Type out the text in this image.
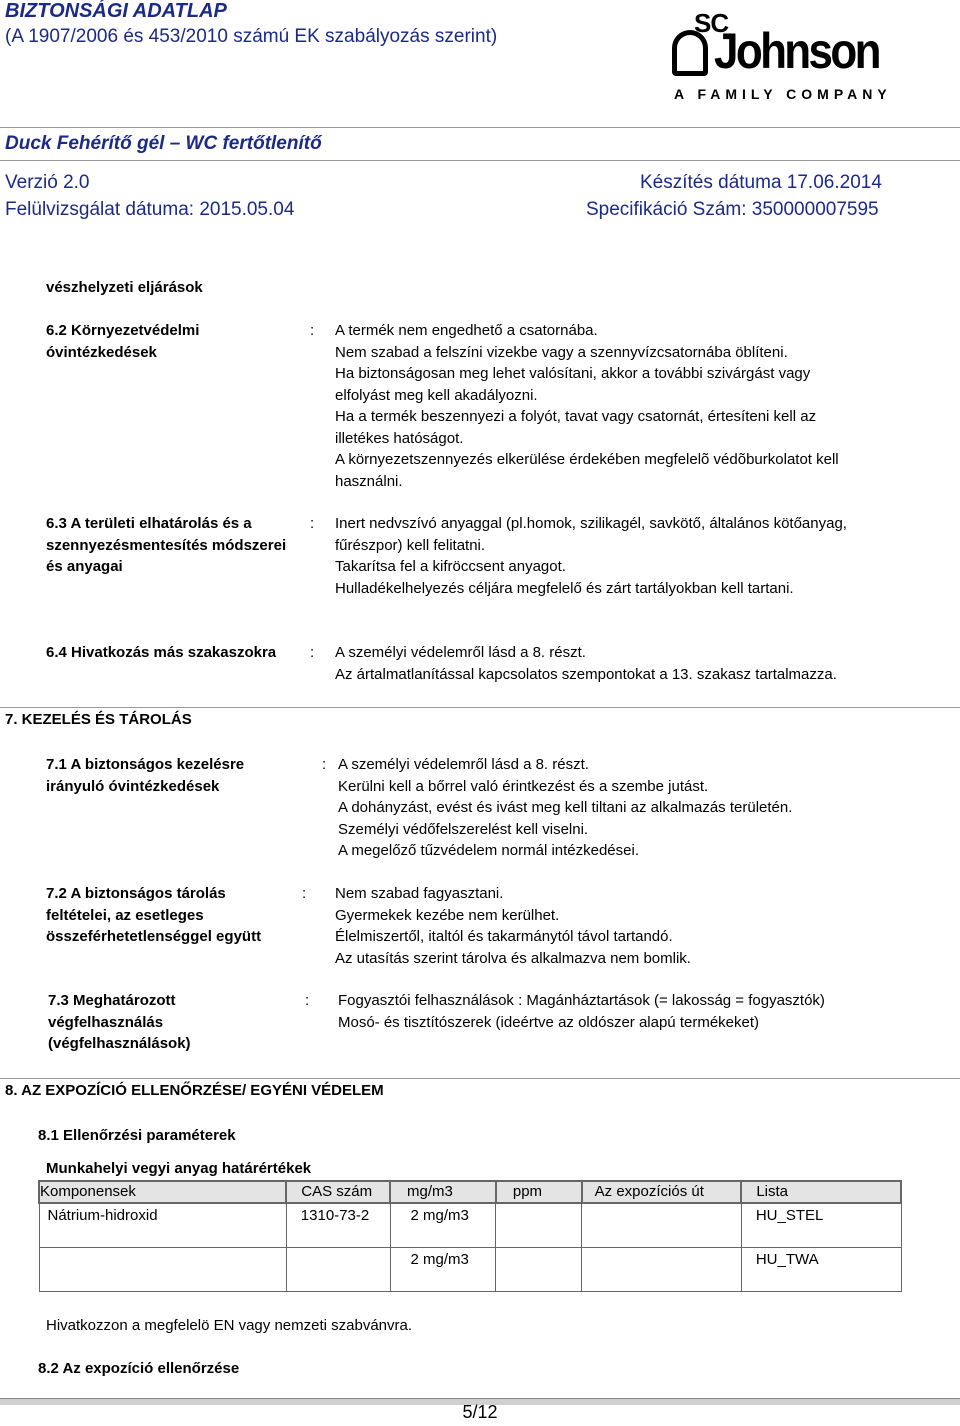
BIZTONSÁGI ADATLAP
(A 1907/2006 és 453/2010 számú EK szabályozás szerint)	SC
Johnson
A FAMILY COMPANY
Duck Fehérítő gél – WC fertőtlenítő
Verzió 2.0	Készítés dátuma 17.06.2014
Felülvizsgálat dátuma: 2015.05.04	Specifikáció Szám: 350000007595
vészhelyzeti eljárások
6.2 Környezetvédelmi
óvintézkedések
: A termék nem engedhető a csatornába.
Nem szabad a felszíni vizekbe vagy a szennyvízcsatornába öblíteni.
Ha biztonságosan meg lehet valósítani, akkor a további szivárgást vagy
elfolyást meg kell akadályozni.
Ha a termék beszennyezi a folyót, tavat vagy csatornát, értesíteni kell az
illetékes hatóságot.
A környezetszennyezés elkerülése érdekében megfelelõ védõburkolatot kell
használni.
6.3 A területi elhatárolás és a
szennyezésmentesítés módszerei
és anyagai
: Inert nedvszívó anyaggal (pl.homok, szilikagél, savkötő, általános kötőanyag,
fűrészpor) kell felitatni.
Takarítsa fel a kifröccsent anyagot.
Hulladékelhelyezés céljára megfelelő és zárt tartályokban kell tartani.
6.4 Hivatkozás más szakaszokra : A személyi védelemről lásd a 8. részt.
Az ártalmatlanítással kapcsolatos szempontokat a 13. szakasz tartalmazza.
7. KEZELÉS ÉS TÁROLÁS
7.1 A biztonságos kezelésre
irányuló óvintézkedések
: A személyi védelemről lásd a 8. részt.
Kerülni kell a bőrrel való érintkezést és a szembe jutást.
A dohányzást, evést és ivást meg kell tiltani az alkalmazás területén.
Személyi védőfelszerelést kell viselni.
A megelőző tűzvédelem normál intézkedései.
7.2 A biztonságos tárolás
feltételei, az esetleges
összeférhetetlenséggel együtt
: Nem szabad fagyasztani.
Gyermekek kezébe nem kerülhet.
Élelmiszertől, italtól és takarmánytól távol tartandó.
Az utasítás szerint tárolva és alkalmazva nem bomlik.
7.3 Meghatározott
végfelhasználás
(végfelhasználások)
: Fogyasztói felhasználások : Magánháztartások (= lakosság = fogyasztók)
Mosó- és tisztítószerek (ideértve az oldószer alapú termékeket)
8. AZ EXPOZÍCIÓ ELLENŐRZÉSE/ EGYÉNI VÉDELEM
8.1 Ellenőrzési paraméterek
Munkahelyi vegyi anyag határértékek
Komponensek	CAS szám	mg/m3	ppm	Az expozíciós út	Lista
Nátrium-hidroxid	1310-73-2	2 mg/m3			HU_STEL
		2 mg/m3			HU_TWA
Hivatkozzon a megfelelö EN vagy nemzeti szabvánvra.
8.2 Az expozíció ellenőrzése
5/12
